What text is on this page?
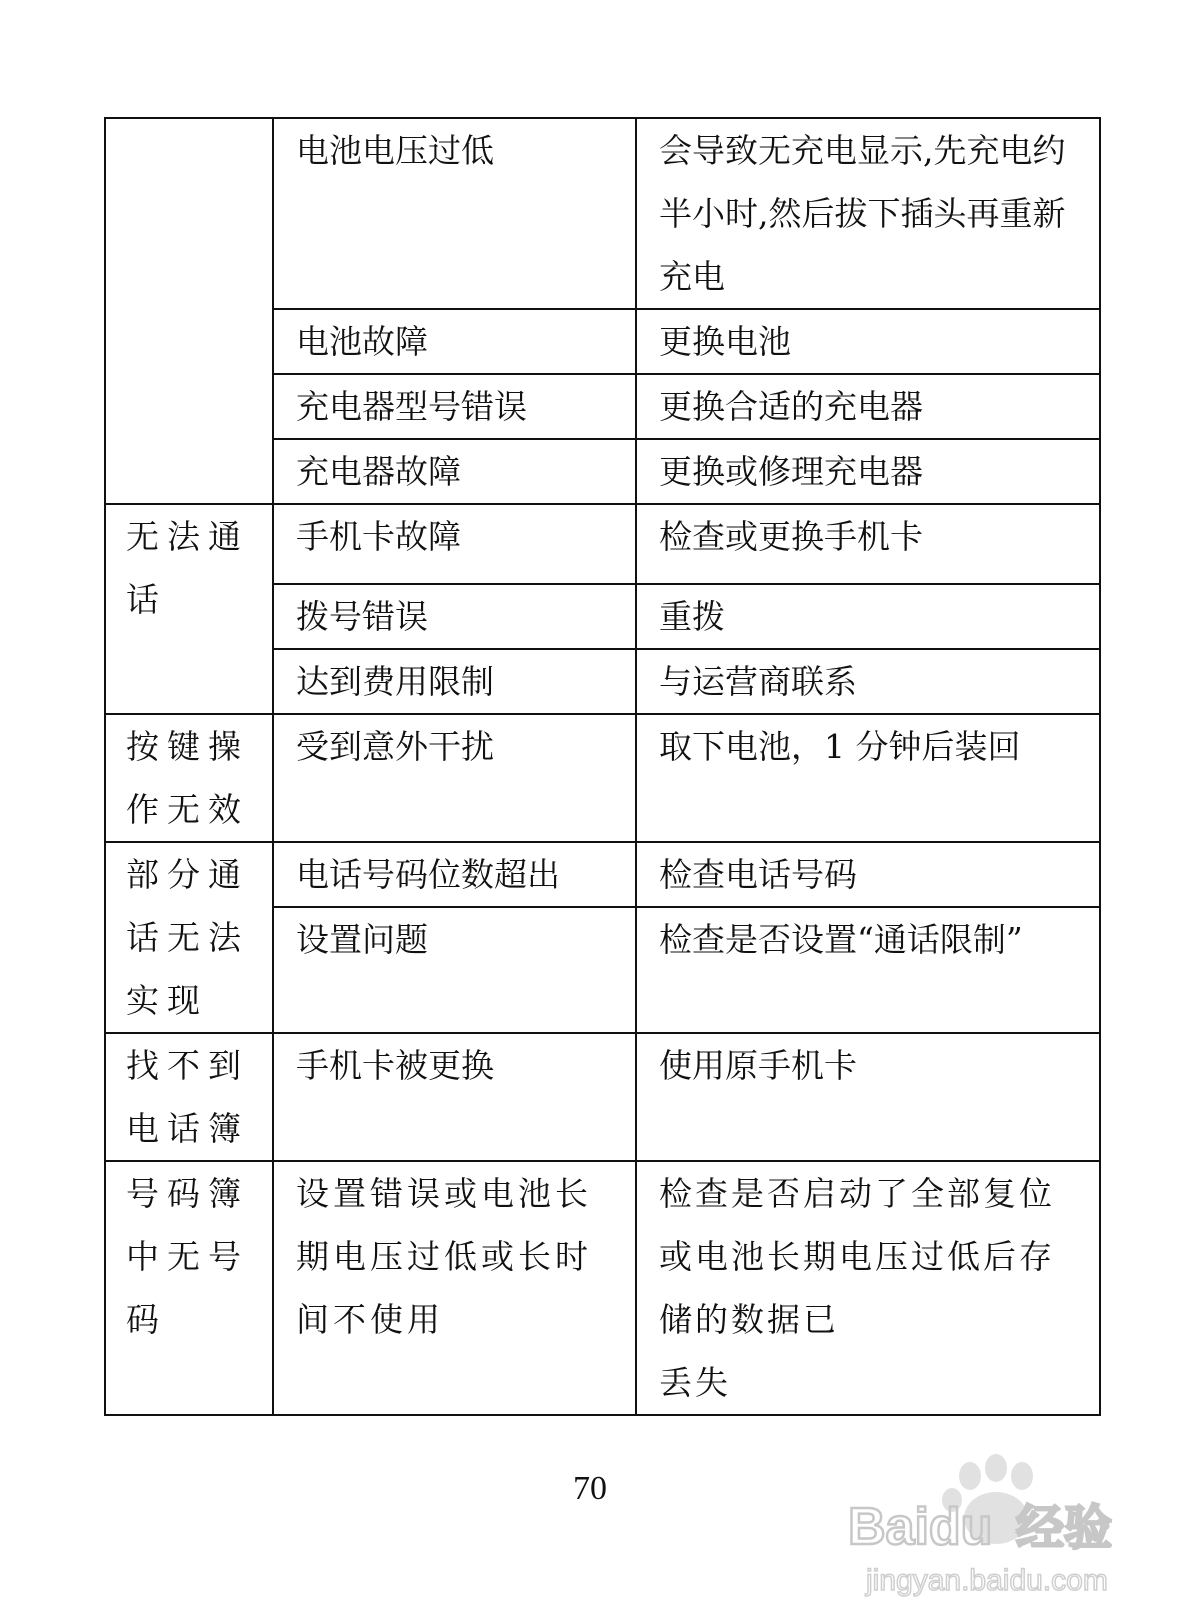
	电池电压过低	会导致无充电显示,先充电约半小时,然后拔下插头再重新充电
	电池故障	更换电池
	充电器型号错误	更换合适的充电器
	充电器故障	更换或修理充电器
无法通话	手机卡故障	检查或更换手机卡
	拨号错误	重拨
	达到费用限制	与运营商联系
按键操作无效	受到意外干扰	取下电池，1 分钟后装回
部分通话无法实现	电话号码位数超出	检查电话号码
	设置问题	检查是否设置“通话限制”
找不到电话簿	手机卡被更换	使用原手机卡
号码簿中无号码	设置错误或电池长期电压过低或长时间不使用	检查是否启动了全部复位或电池长期电压过低后存储的数据已
丢失
70
Baidu 经验
jingyan.baidu.com
